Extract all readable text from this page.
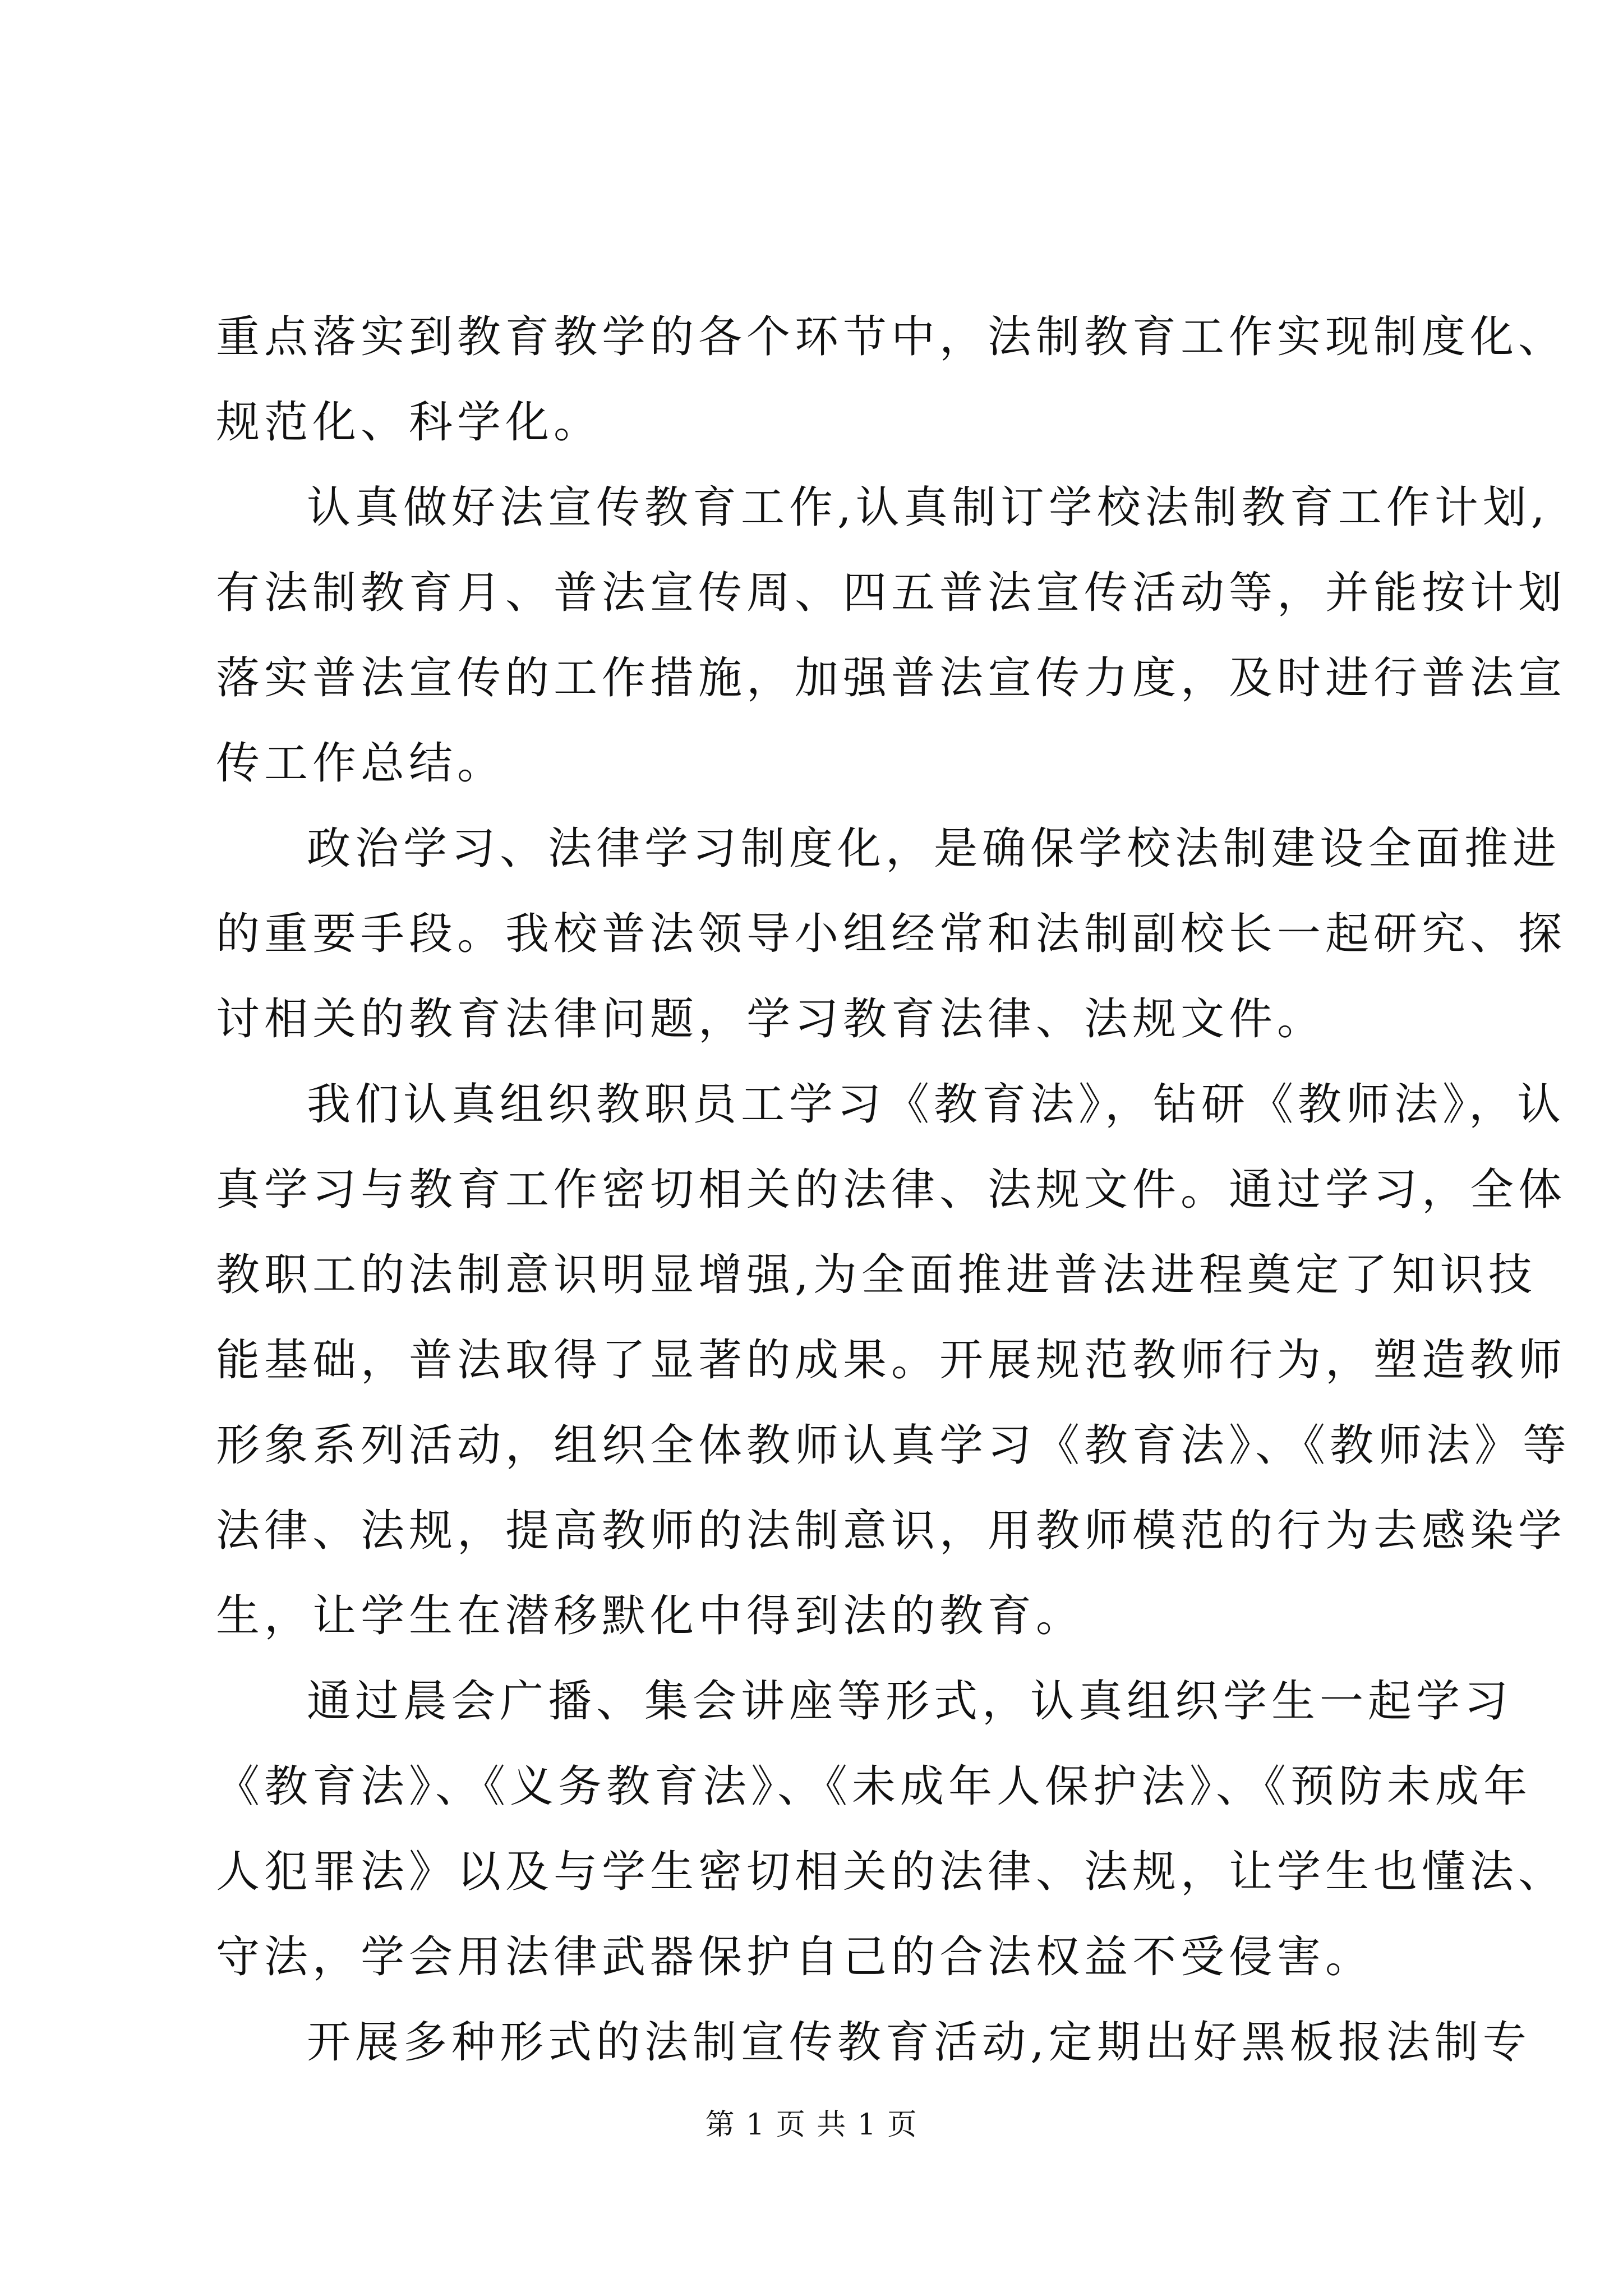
重点落实到教育教学的各个环节中，法制教育工作实现制度化、
规范化、科学化。
认真做好法宣传教育工作,认真制订学校法制教育工作计划,
有法制教育月、普法宣传周、四五普法宣传活动等，并能按计划
落实普法宣传的工作措施，加强普法宣传力度，及时进行普法宣
传工作总结。
政治学习、法律学习制度化，是确保学校法制建设全面推进
的重要手段。我校普法领导小组经常和法制副校长一起研究、探
讨相关的教育法律问题，学习教育法律、法规文件。
我们认真组织教职员工学习《教育法》，钻研《教师法》，认
真学习与教育工作密切相关的法律、法规文件。通过学习，全体
教职工的法制意识明显增强,为全面推进普法进程奠定了知识技
能基础，普法取得了显著的成果。开展规范教师行为，塑造教师
形象系列活动，组织全体教师认真学习《教育法》、《教师法》等
法律、法规，提高教师的法制意识，用教师模范的行为去感染学
生，让学生在潜移默化中得到法的教育。
通过晨会广播、集会讲座等形式，认真组织学生一起学习
《教育法》、《义务教育法》、《未成年人保护法》、《预防未成年
人犯罪法》以及与学生密切相关的法律、法规，让学生也懂法、
守法，学会用法律武器保护自己的合法权益不受侵害。
开展多种形式的法制宣传教育活动,定期出好黑板报法制专
第 1 页 共 1 页
